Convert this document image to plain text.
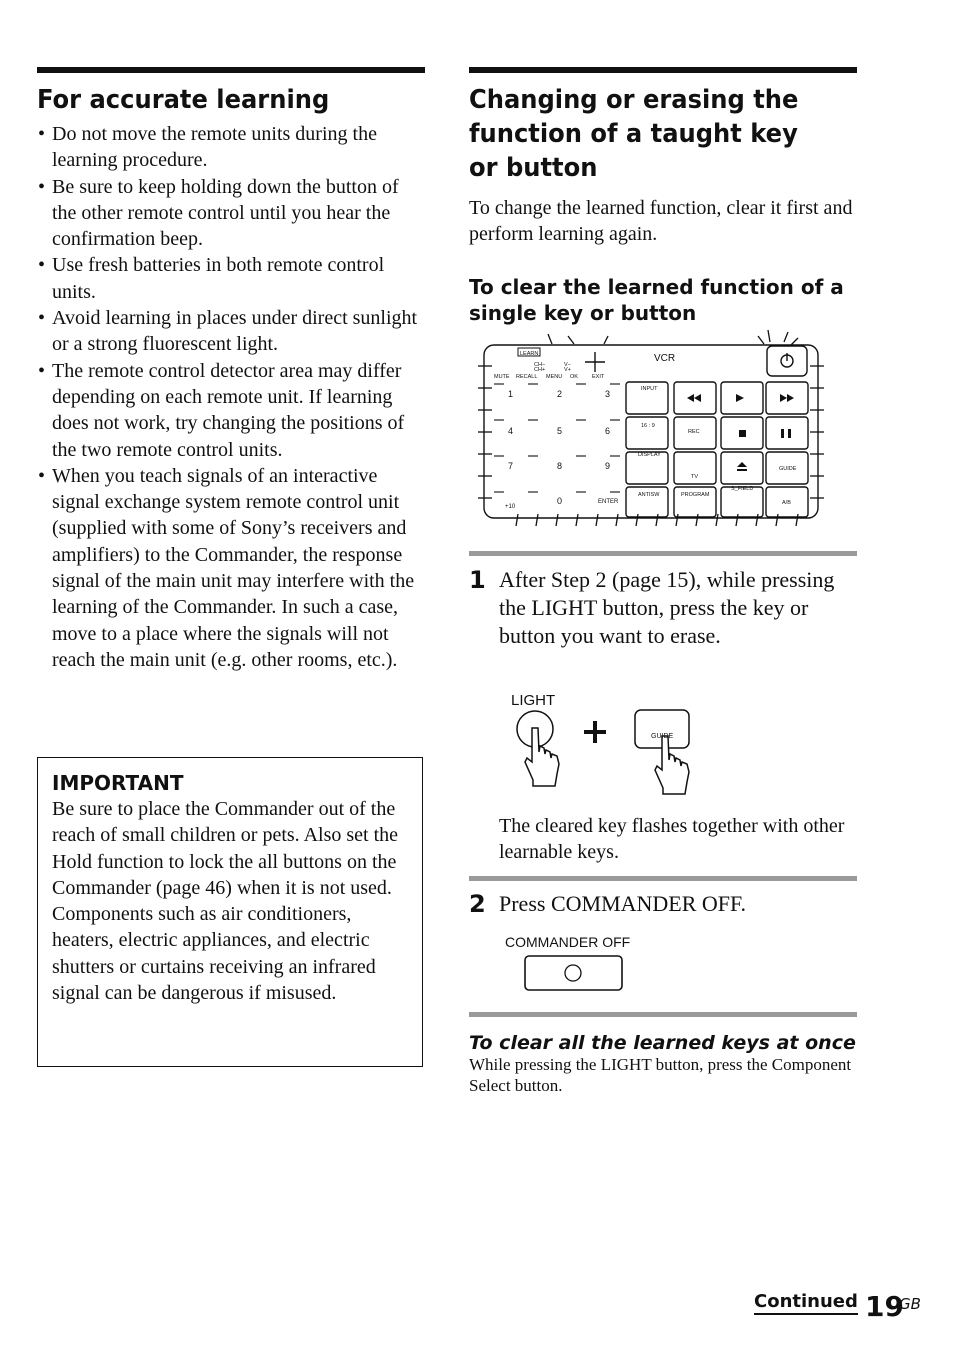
For accurate learning
• Do not move the remote units during the learning procedure.
• Be sure to keep holding down the button of the other remote control until you hear the confirmation beep.
• Use fresh batteries in both remote control units.
• Avoid learning in places under direct sunlight or a strong fluorescent light.
• The remote control detector area may differ depending on each remote unit. If learning does not work, try changing the positions of the two remote control units.
• When you teach signals of an interactive signal exchange system remote control unit (supplied with some of Sony’s receivers and amplifiers) to the Commander, the response signal of the main unit may interfere with the learning of the Commander. In such a case, move to a place where the signals will not reach the main unit (e.g. other rooms, etc.).
IMPORTANT

Be sure to place the Commander out of the reach of small children or pets. Also set the Hold function to lock the all buttons on the Commander (page 46) when it is not used. Components such as air conditioners, heaters, electric appliances, and electric shutters or curtains receiving an infrared signal can be dangerous if misused.

Changing or erasing the function of a taught key or button

To change the learned function, clear it first and perform learning again.

To clear the learned function of a single key or button
LEARN
MUTE RECALL MENU OK	EXIT
CH+
CH−
V+
V−
INPUT
16 : 9
DISPLAY
ANTISW
REC
TV
PROGRAM
S_FIELD
GUIDE
A/B
VCR
1	2	3
4	5	6
7	8	9
+10
0	ENTER
1 After Step 2 (page 15), while pressing the LIGHT button, press the key or button you want to erase.

LIGHT
GUIDE

The cleared key flashes together with other learnable keys.

2 Press COMMANDER OFF.

COMMANDER OFF

To clear all the learned keys at once

While pressing the LIGHT button, press the Component Select button.

Continued 19
GB
